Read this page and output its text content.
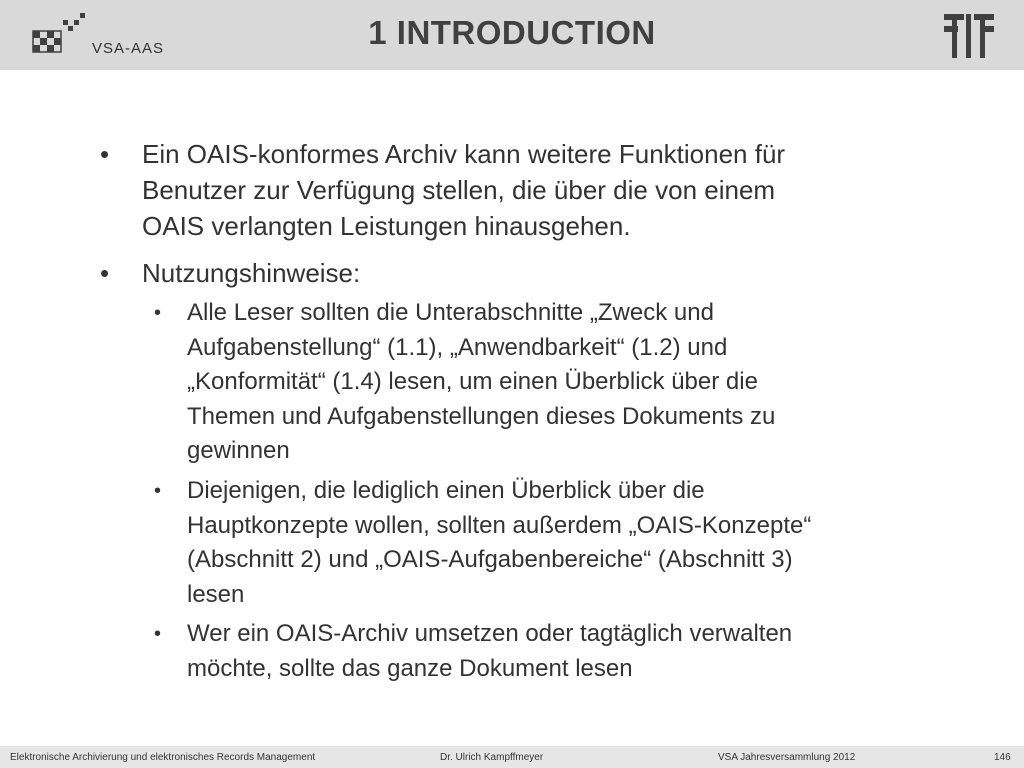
VSA-AAS	1 INTRODUCTION
• Ein OAIS-konformes Archiv kann weitere Funktionen für
Benutzer zur Verfügung stellen, die über die von einem
OAIS verlangten Leistungen hinausgehen.
• Nutzungshinweise:
• Alle Leser sollten die Unterabschnitte „Zweck und
Aufgabenstellung“ (1.1), „Anwendbarkeit“ (1.2) und
„Konformität“ (1.4) lesen, um einen Überblick über die
Themen und Aufgabenstellungen dieses Dokuments zu
gewinnen
• Diejenigen, die lediglich einen Überblick über die
Hauptkonzepte wollen, sollten außerdem „OAIS-Konzepte“
(Abschnitt 2) und „OAIS-Aufgabenbereiche“ (Abschnitt 3)
lesen
• Wer ein OAIS-Archiv umsetzen oder tagtäglich verwalten
möchte, sollte das ganze Dokument lesen
Elektronische Archivierung und elektronisches Records Management	Dr. Ulrich Kampffmeyer	VSA Jahresversammlung 2012	146
